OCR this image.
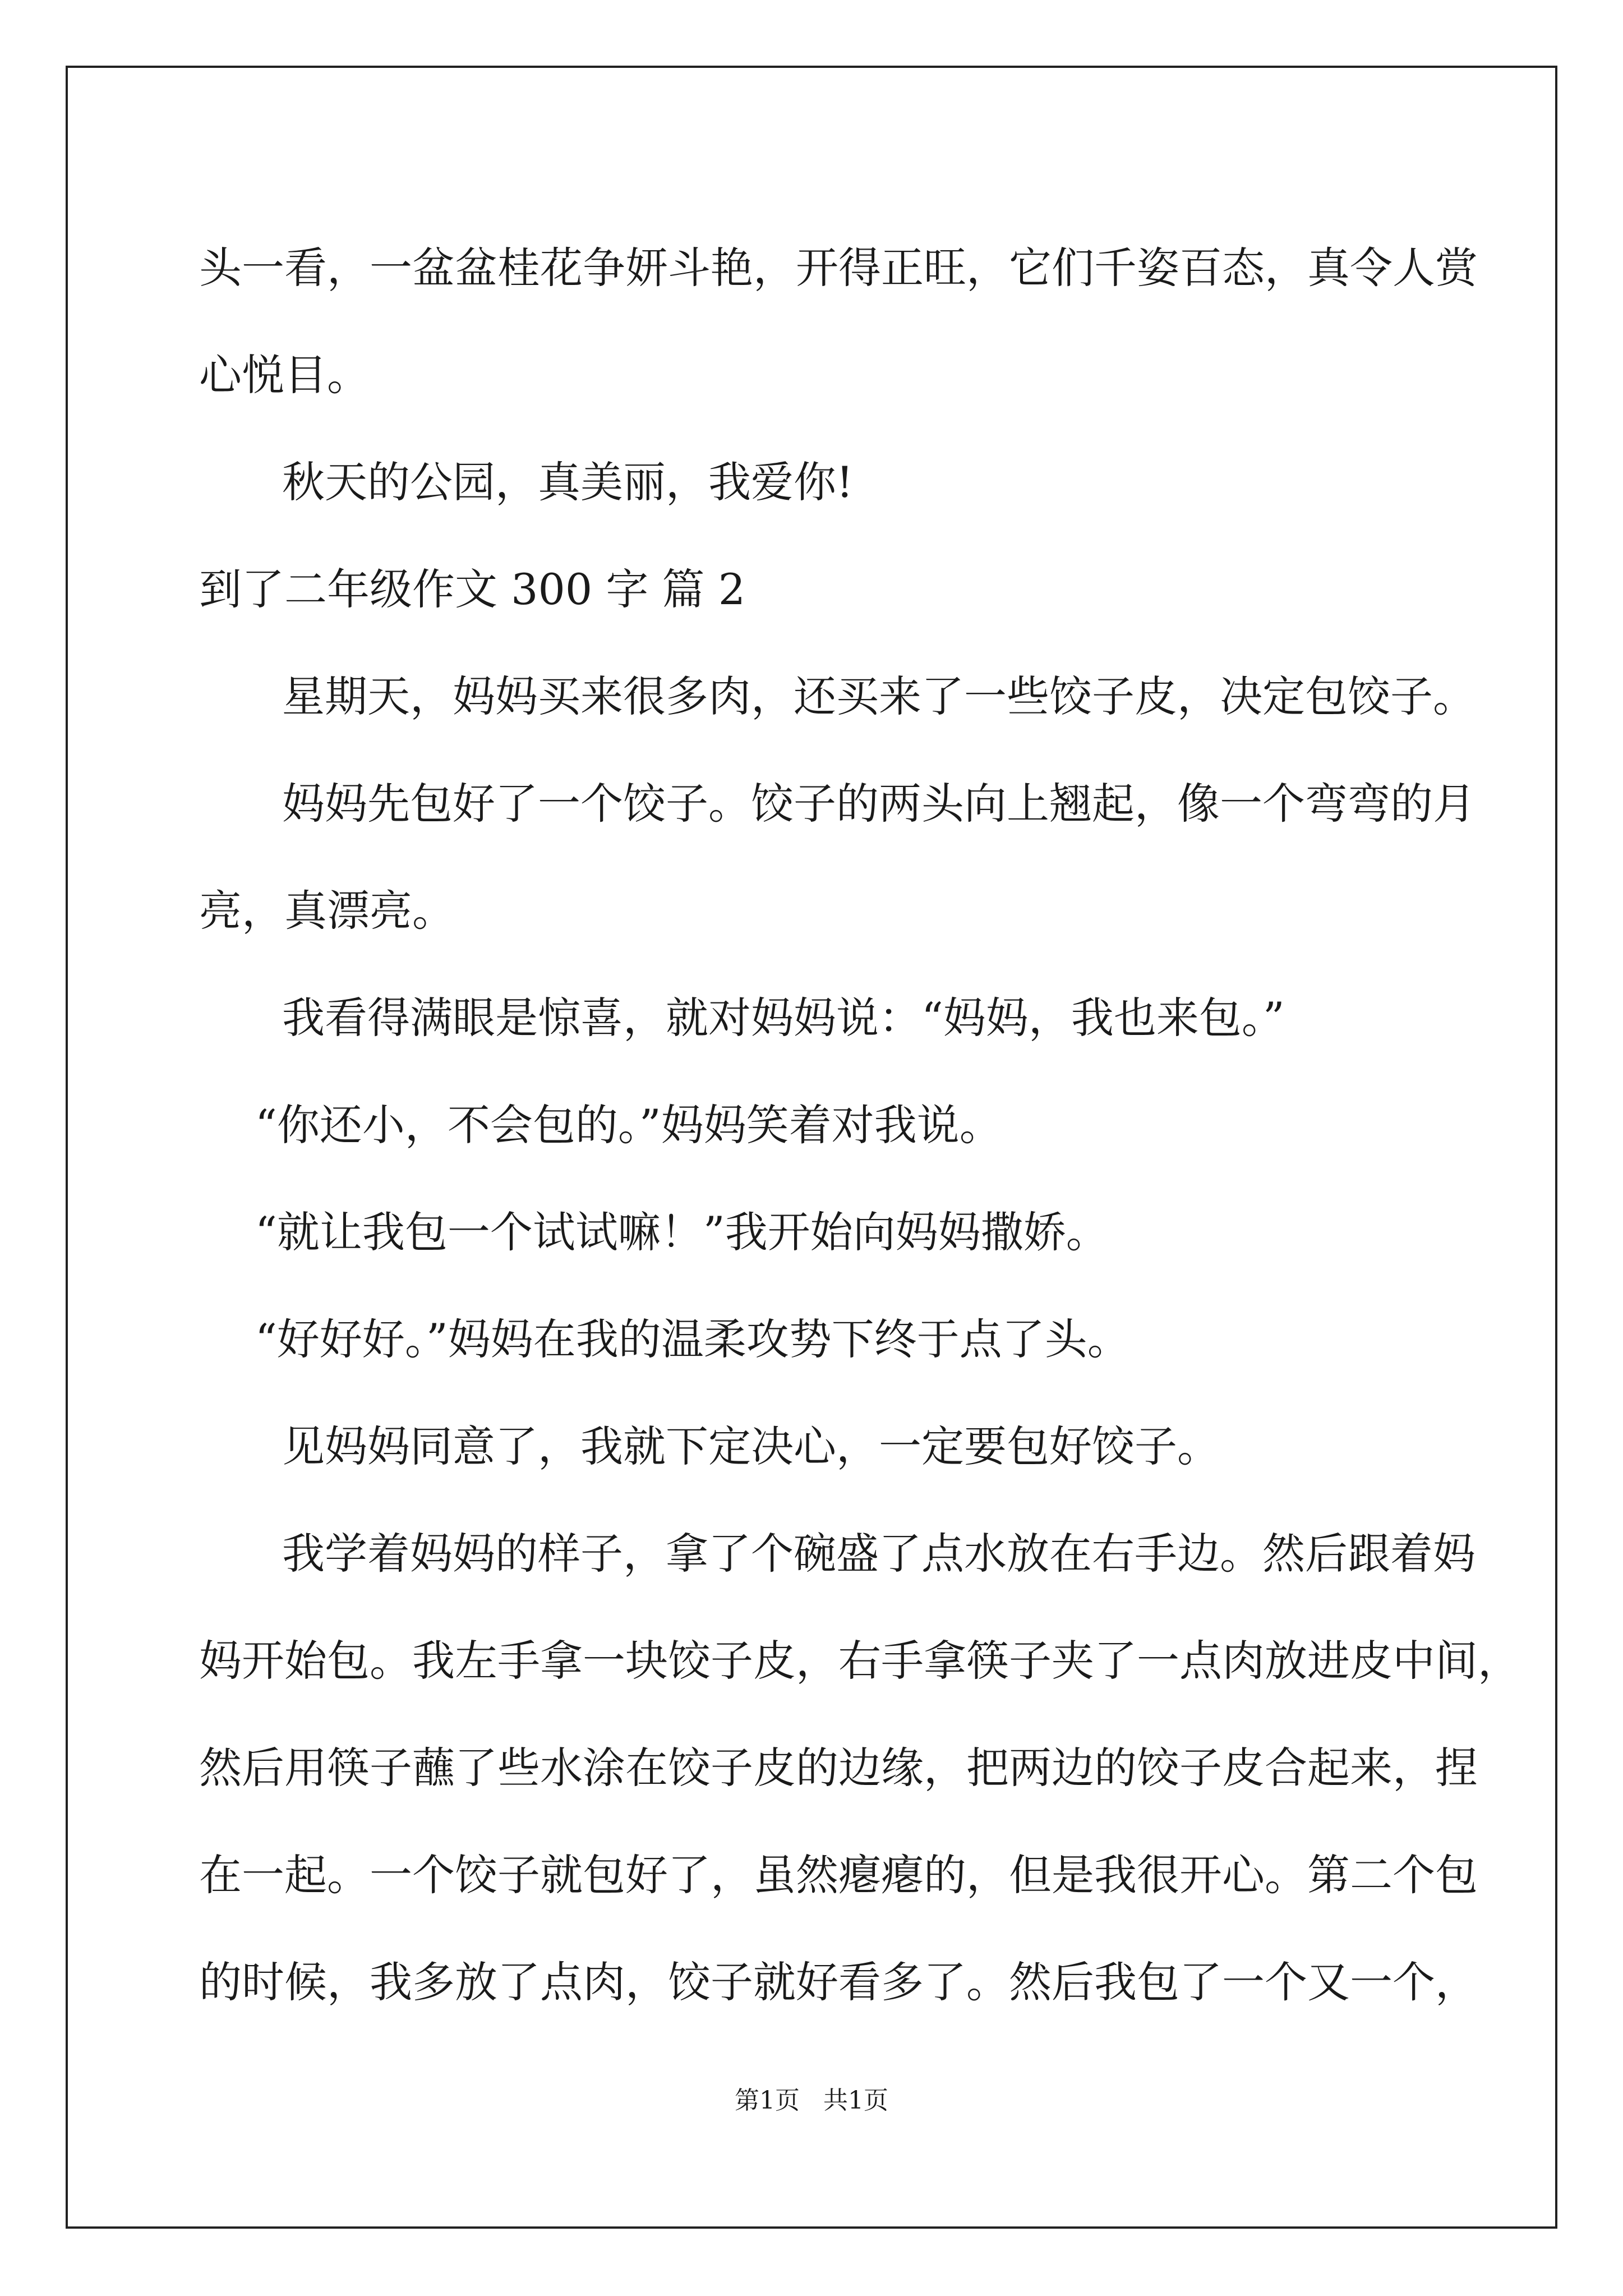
头一看，一盆盆桂花争妍斗艳，开得正旺，它们千姿百态，真令人赏
心悦目。
秋天的公园，真美丽，我爱你!
到了二年级作文 300 字 篇 2
星期天，妈妈买来很多肉，还买来了一些饺子皮，决定包饺子。
妈妈先包好了一个饺子。饺子的两头向上翘起，像一个弯弯的月
亮，真漂亮。
我看得满眼是惊喜，就对妈妈说：“妈妈，我也来包。”
“你还小，不会包的。”妈妈笑着对我说。
“就让我包一个试试嘛！”我开始向妈妈撒娇。
“好好好。”妈妈在我的温柔攻势下终于点了头。
见妈妈同意了，我就下定决心，一定要包好饺子。
我学着妈妈的样子，拿了个碗盛了点水放在右手边。然后跟着妈
妈开始包。我左手拿一块饺子皮，右手拿筷子夹了一点肉放进皮中间，
然后用筷子蘸了些水涂在饺子皮的边缘，把两边的饺子皮合起来，捏
在一起。一个饺子就包好了，虽然瘪瘪的，但是我很开心。第二个包
的时候，我多放了点肉，饺子就好看多了。然后我包了一个又一个，
第1页   共1页
